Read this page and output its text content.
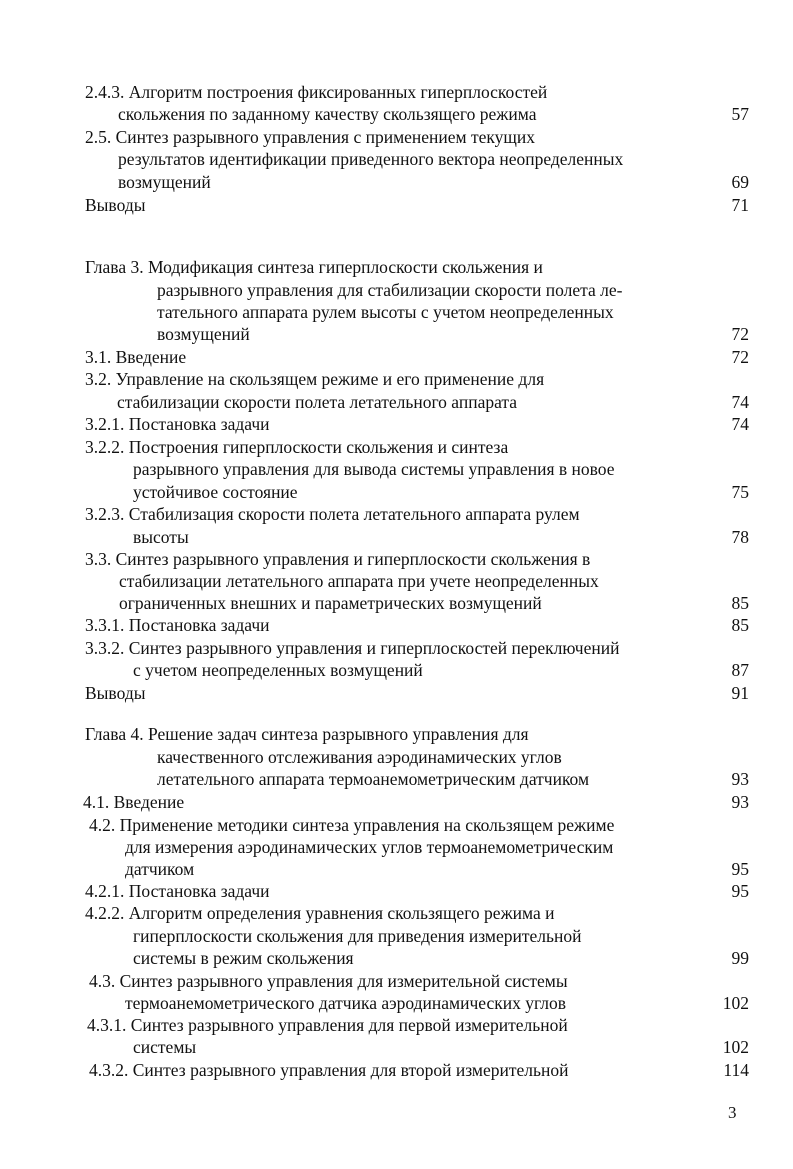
2.4.3. Алгоритм построения фиксированных гиперплоскостей
скольжения по заданному качеству скользящего режима	57
2.5. Синтез разрывного управления с применением текущих
результатов идентификации приведенного вектора неопределенных
возмущений	69
Выводы	71
Глава 3. Модификация синтеза гиперплоскости скольжения и
разрывного управления для стабилизации скорости полета ле-
тательного аппарата рулем высоты с учетом неопределенных
возмущений	72
3.1. Введение	72
3.2. Управление на скользящем режиме и его применение для
стабилизации скорости полета летательного аппарата	74
3.2.1. Постановка задачи	74
3.2.2. Построения гиперплоскости скольжения и синтеза
разрывного управления для вывода системы управления в новое
устойчивое состояние	75
3.2.3. Стабилизация скорости полета летательного аппарата рулем
высоты	78
3.3. Синтез разрывного управления и гиперплоскости скольжения в
стабилизации летательного аппарата при учете неопределенных
ограниченных внешних и параметрических возмущений	85
3.3.1. Постановка задачи	85
3.3.2. Синтез разрывного управления и гиперплоскостей переключений
с учетом неопределенных возмущений	87
Выводы	91
Глава 4. Решение задач синтеза разрывного управления для
качественного отслеживания аэродинамических углов
летательного аппарата термоанемометрическим датчиком	93
4.1. Введение	93
4.2. Применение методики синтеза управления на скользящем режиме
для измерения аэродинамических углов термоанемометрическим
датчиком	95
4.2.1. Постановка задачи	95
4.2.2. Алгоритм определения уравнения скользящего режима и
гиперплоскости скольжения для приведения измерительной
системы в режим скольжения	99
4.3. Синтез разрывного управления для измерительной системы
термоанемометрического датчика аэродинамических углов	102
4.3.1. Синтез разрывного управления для первой измерительной
системы	102
4.3.2. Синтез разрывного управления для второй измерительной	114
3
